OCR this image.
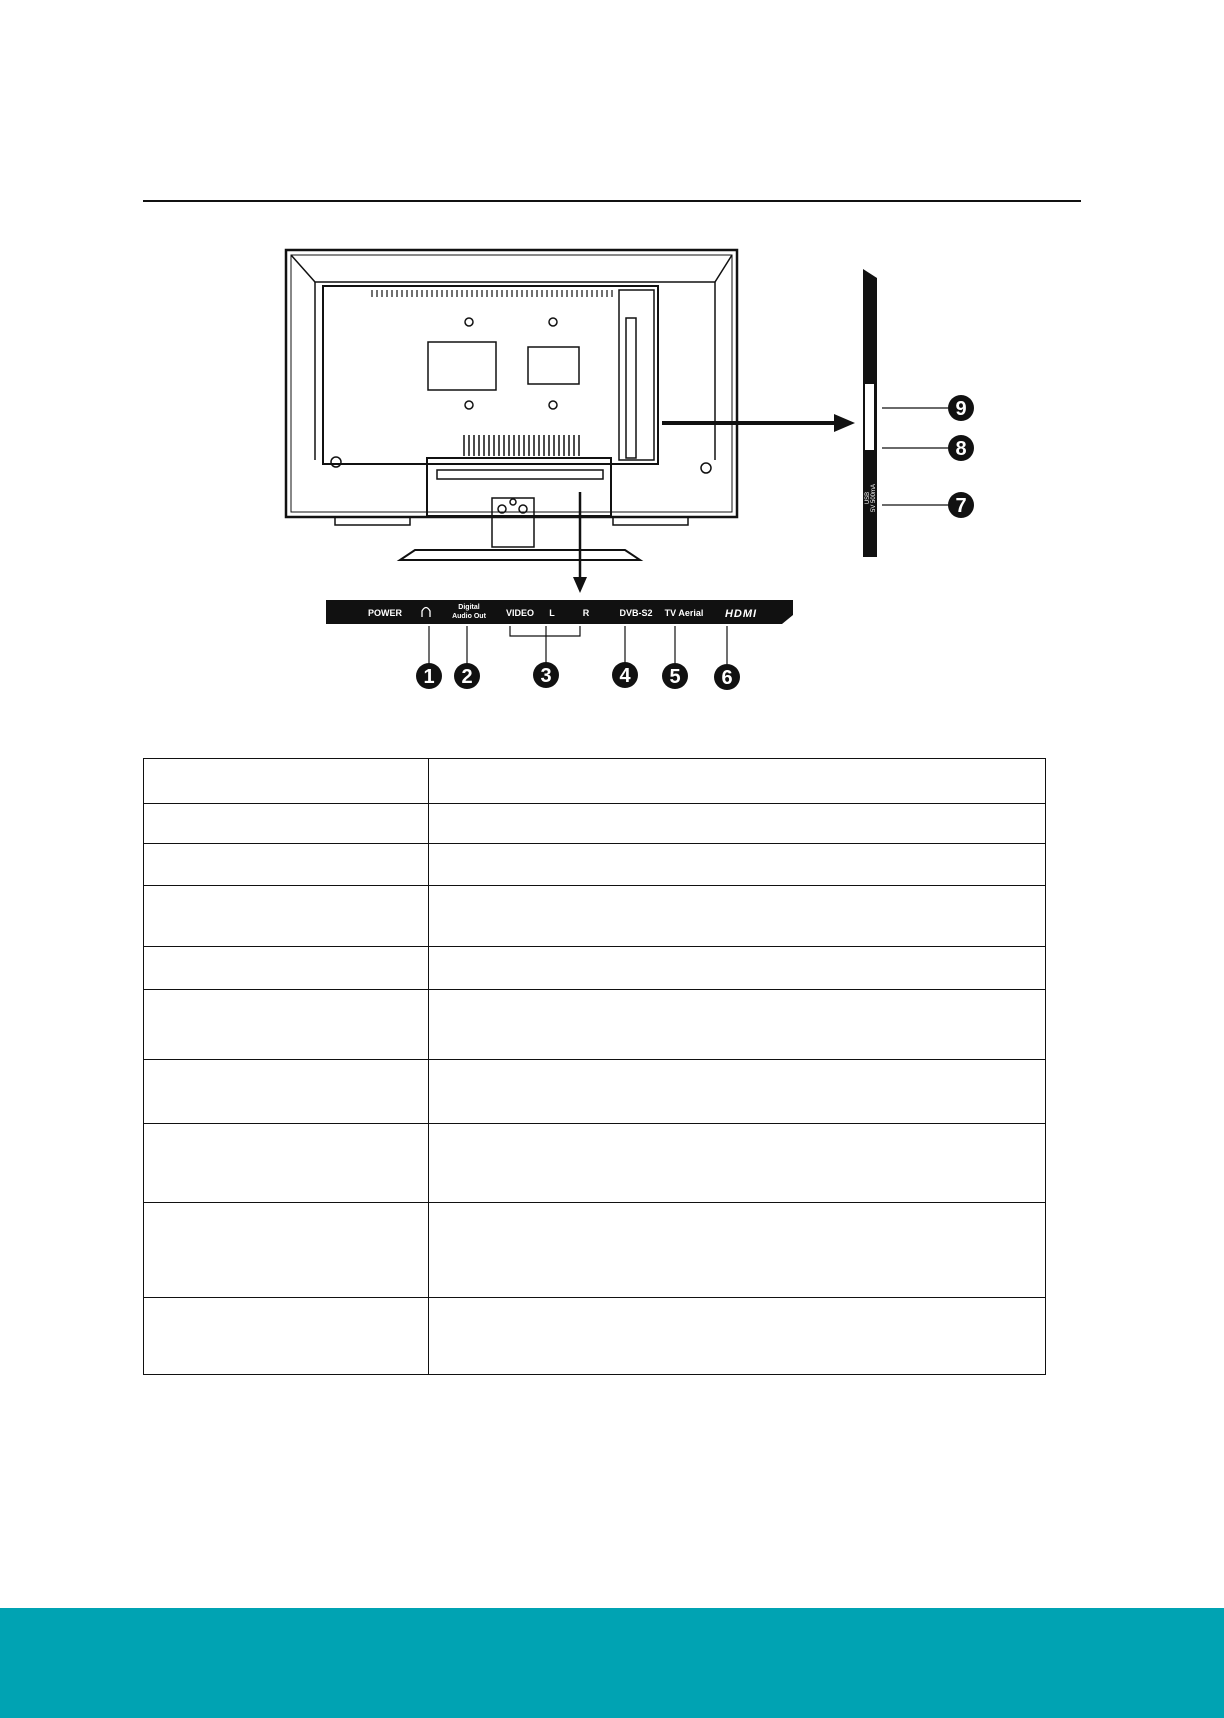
USB 5V 500mA
POWER
Digital
Audio Out VIDEO L	R	DVB-S2 TV Aerial HDMI
1 2	3	4 5 6
7
8
9
